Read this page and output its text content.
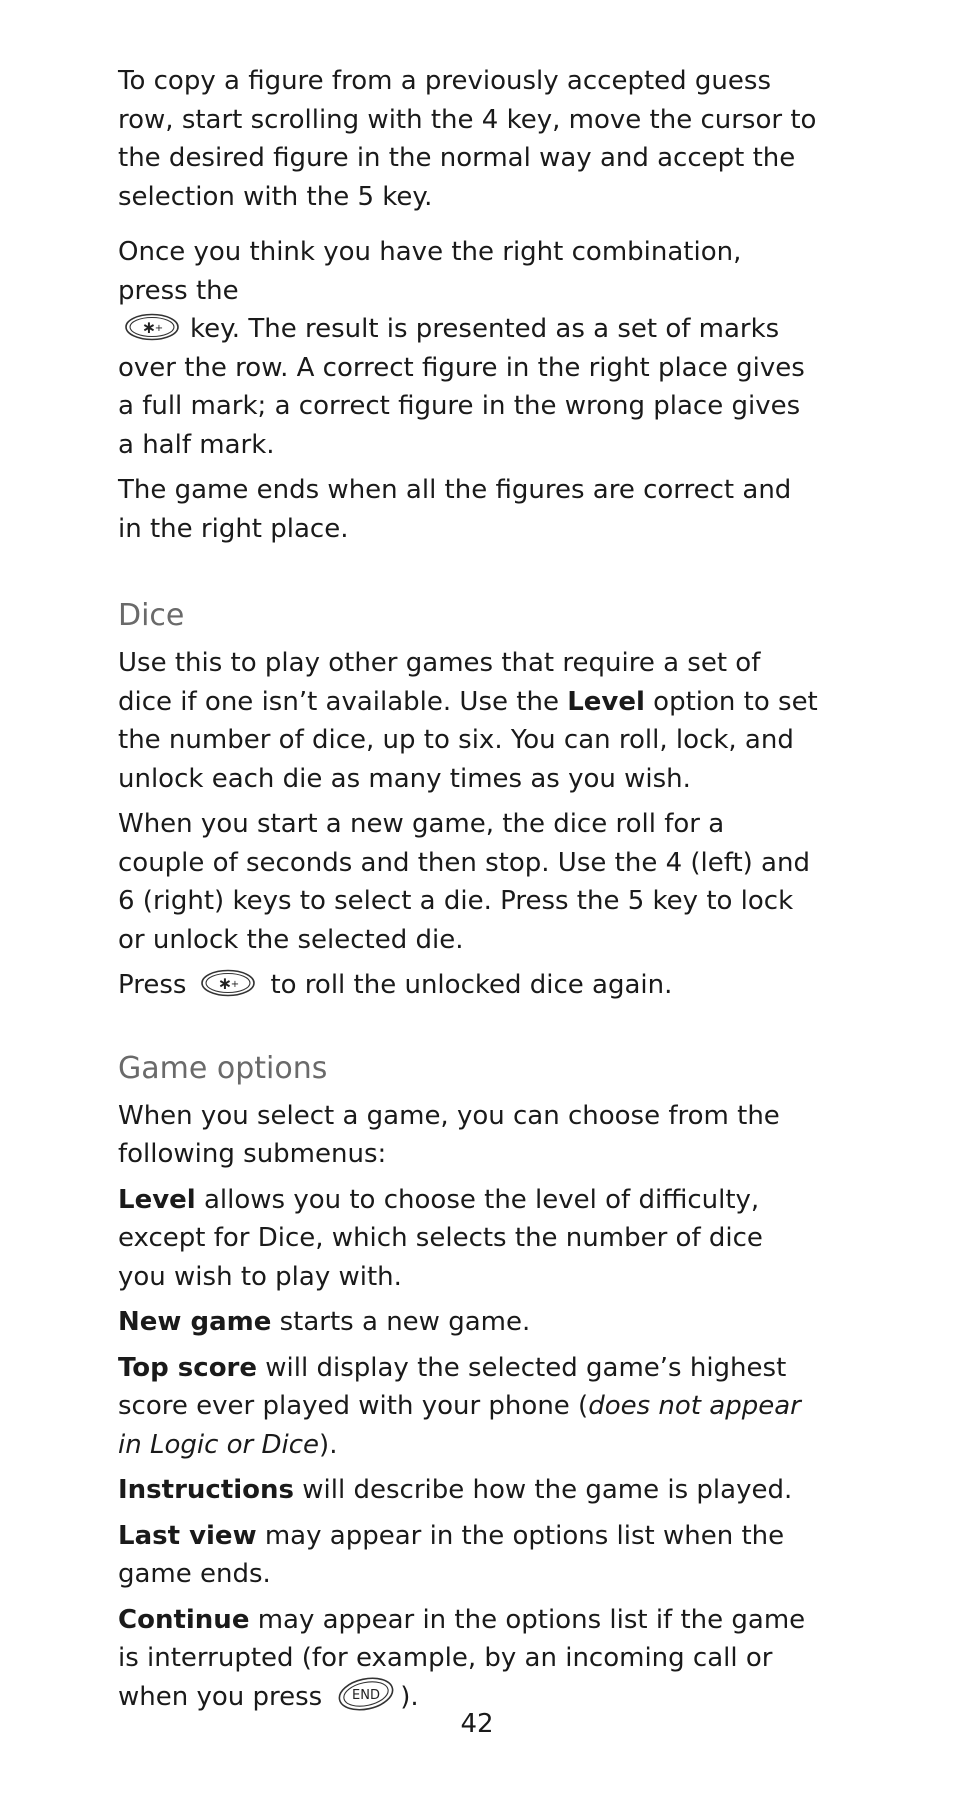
To copy a figure from a previously accepted guess row, start scrolling with the 4 key, move the cursor to the desired figure in the normal way and accept the selection with the 5 key.

Once you think you have the right combination, press the

∗
+ key. The result is presented as a set of marks over the row. A correct figure in the right place gives a full mark; a correct figure in the wrong place gives a half mark.

The game ends when all the figures are correct and in the right place.

Dice

Use this to play other games that require a set of dice if one isn’t available. Use the Level option to set the number of dice, up to six. You can roll, lock, and unlock each die as many times as you wish.

When you start a new game, the dice roll for a couple of seconds and then stop. Use the 4 (left) and 6 (right) keys to select a die. Press the 5 key to lock or unlock the selected die.

Press ∗
+ to roll the unlocked dice again.

Game options

When you select a game, you can choose from the following submenus:

Level allows you to choose the level of difficulty, except for Dice, which selects the number of dice you wish to play with.

New game starts a new game.

Top score will display the selected game’s highest score ever played with your phone (does not appear in Logic or Dice).

Instructions will describe how the game is played.

Last view may appear in the options list when the game ends.

Continue may appear in the options list if the game is interrupted (for example, by an incoming call or when you press END ).

42
